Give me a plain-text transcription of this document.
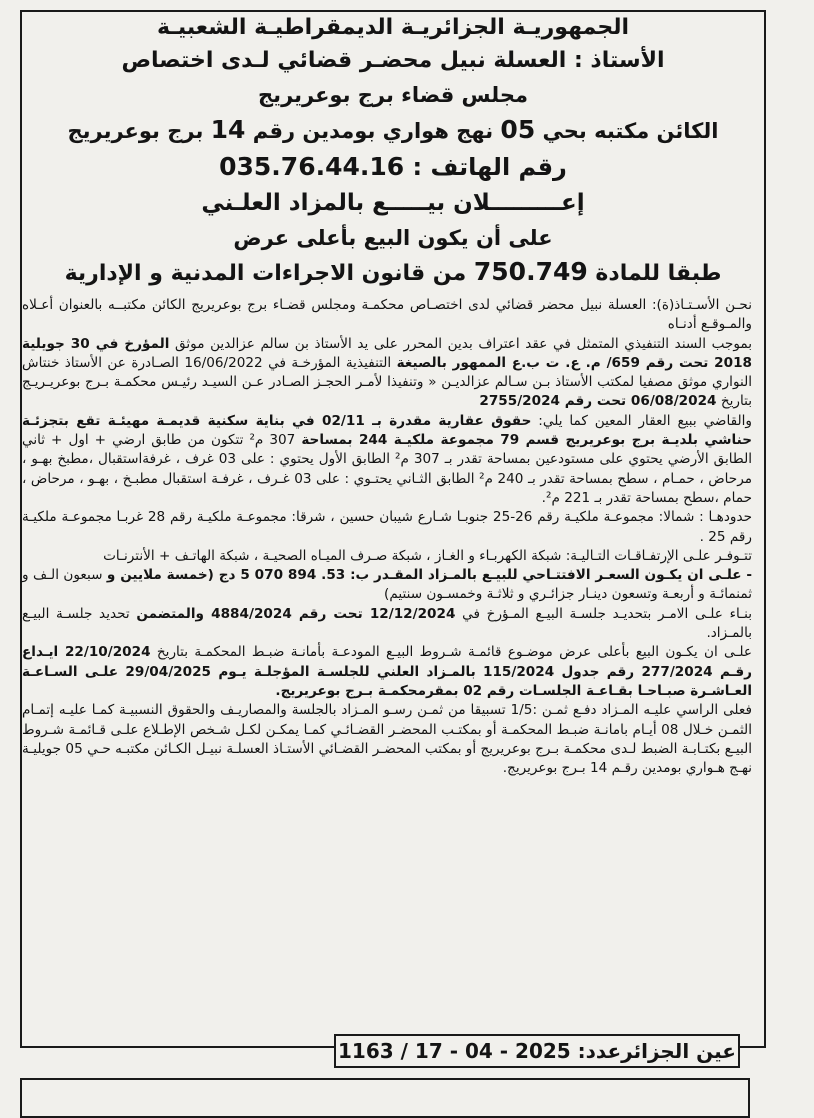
الجمهوريـة الجزائريـة الديمقراطيـة الشعبيـة
الأستاذ : العسلة نبيل محضـر قضائي لـدى اختصاص
مجلس قضاء برج بوعريريج
الكائن مكتبه بحي 05 نهج هواري بومدين رقم 14 برج بوعريريج
رقم الهاتف : 035.76.44.16
إعـــــــــلان بيـــــع بالمزاد العلـني
على أن يكون البيع بأعلى عرض
طبقا للمادة 750.749 من قانون الاجراءات المدنية و الإدارية

نحـن الأسـتـاذ(ة): العسلة نبيل محضر قضائي لدى اختصـاص محكمـة ومجلس قضـاء برج بوعريريج الكائن مكتبــه بالعنوان أعـلاه والمـوقـع أدنـاه

بموجب السند التنفيذي المتمثل في عقد اعتراف بدين المحرر على يد الأستاذ بن سالم عزالدين موثق المؤرخ في 30 جويلية 2018 تحت رقم 659/ م. ع. ت ب.ع الممهور بالصيغة التنفيذية المؤرخـة في 16/06/2022 الصـادرة عن الأستاذ خنتاش النواري موثق مصفيا لمكتب الأستاذ بـن سـالم عزالديـن « وتنفيذا لأمـر الحجـز الصـادر عـن السيـد رئيـس محكمـة بـرج بوعريـريـج بتاريخ 06/08/2024 تحت رقم 2755/2024

والقاضي ببيع العقار المعين كما يلي: حقوق عقارية مقدرة بـ 02/11 في بناية سكنية قديمـة مهيئـة تقع بتجزئـة حناشي بلديـة برج بوعريريج قسم 79 مجموعة ملكيـة 244 بمساحة 307 م² تتكون من طابق ارضي + اول + ثاني الطابق الأرضي يحتوي على مستودعين بمساحة تقدر بـ 307 م² الطابق الأول يحتوي : على 03 غرف ، غرفةاستقبال ،مطبخ بهـو ، مرحاض ، حمـام ، سطح بمساحة تقدر بـ 240 م² الطابق الثـاني يحتـوي : على 03 غـرف ، غرفـة استقبال مطبـخ ، بهـو ، مرحاض ، حمام ،سطح بمساحة تقدر بـ 221 م².

حدودهـا : شمالا: مجموعـة ملكيـة رقم 26-25 جنوبـا شـارع شيبان حسين ، شرقا: مجموعـة ملكيـة رقم 28 غربـا مجموعـة ملكيـة رقم 25 .

تتـوفـر علـى الإرتفـاقـات التـاليـة: شبكة الكهربـاء و الغـاز ، شبكة صـرف الميـاه الصحيـة ، شبكة الهاتـف + الأنترنـات

- علـى ان يكـون السعـر الافتتـاحي للبيـع بالمـزاد المقـدر ب: 53. 894 070 5 دج (خمسة ملايين و سبعون الـف و ثمنمائـة و أربعـة وتسعون دينـار جزائـري و ثلاثـة وخمسـون سنتيم)

بنـاء علـى الامـر بتحديـد جلسـة البيـع المـؤرخ في 12/12/2024 تحت رقم 4884/2024 والمتضمن تحديد جلسـة البيـع بالمـزاد.

علـى ان يكـون البيع بأعلى عرض موضـوع قائمـة شـروط البيـع المودعـة بأمانـة ضبـط المحكمـة بتاريخ 22/10/2024 ايـداع رقـم 277/2024 رقم جدول 115/2024 بالمـزاد العلني للجلسـة المؤجلـة يـوم 29/04/2025 علـى السـاعـة العـاشـرة صبـاحـا بقـاعـة الجلسـات رقم 02 بمقرمحكمـة بـرج بوعريريج.

فعلى الراسي عليـه المـزاد دفـع ثمـن :1/5 تسبيقا من ثمـن رسـو المـزاد بالجلسة والمصاريـف والحقوق النسبيـة كمـا عليـه إتمـام الثمـن خـلال 08 أيـام بامانـة ضبـط المحكمـة أو بمكتـب المحضـر القضـائـي كمـا يمكـن لكـل شـخص الإطـلاع علـى قـائمـة شـروط البيـع بكتـابـة الضبط لـدى محكمـة بـرج بوعريريج أو بمكتب المحضـر القضـائي الأستـاذ العسلـة نبيـل الكـائن مكتبـه حـي 05 جويليـة نهـج هـواري بومدين رقـم 14 بـرج بوعريريج.

عين الجزائرعدد: 1163 / 17 - 04 - 2025
